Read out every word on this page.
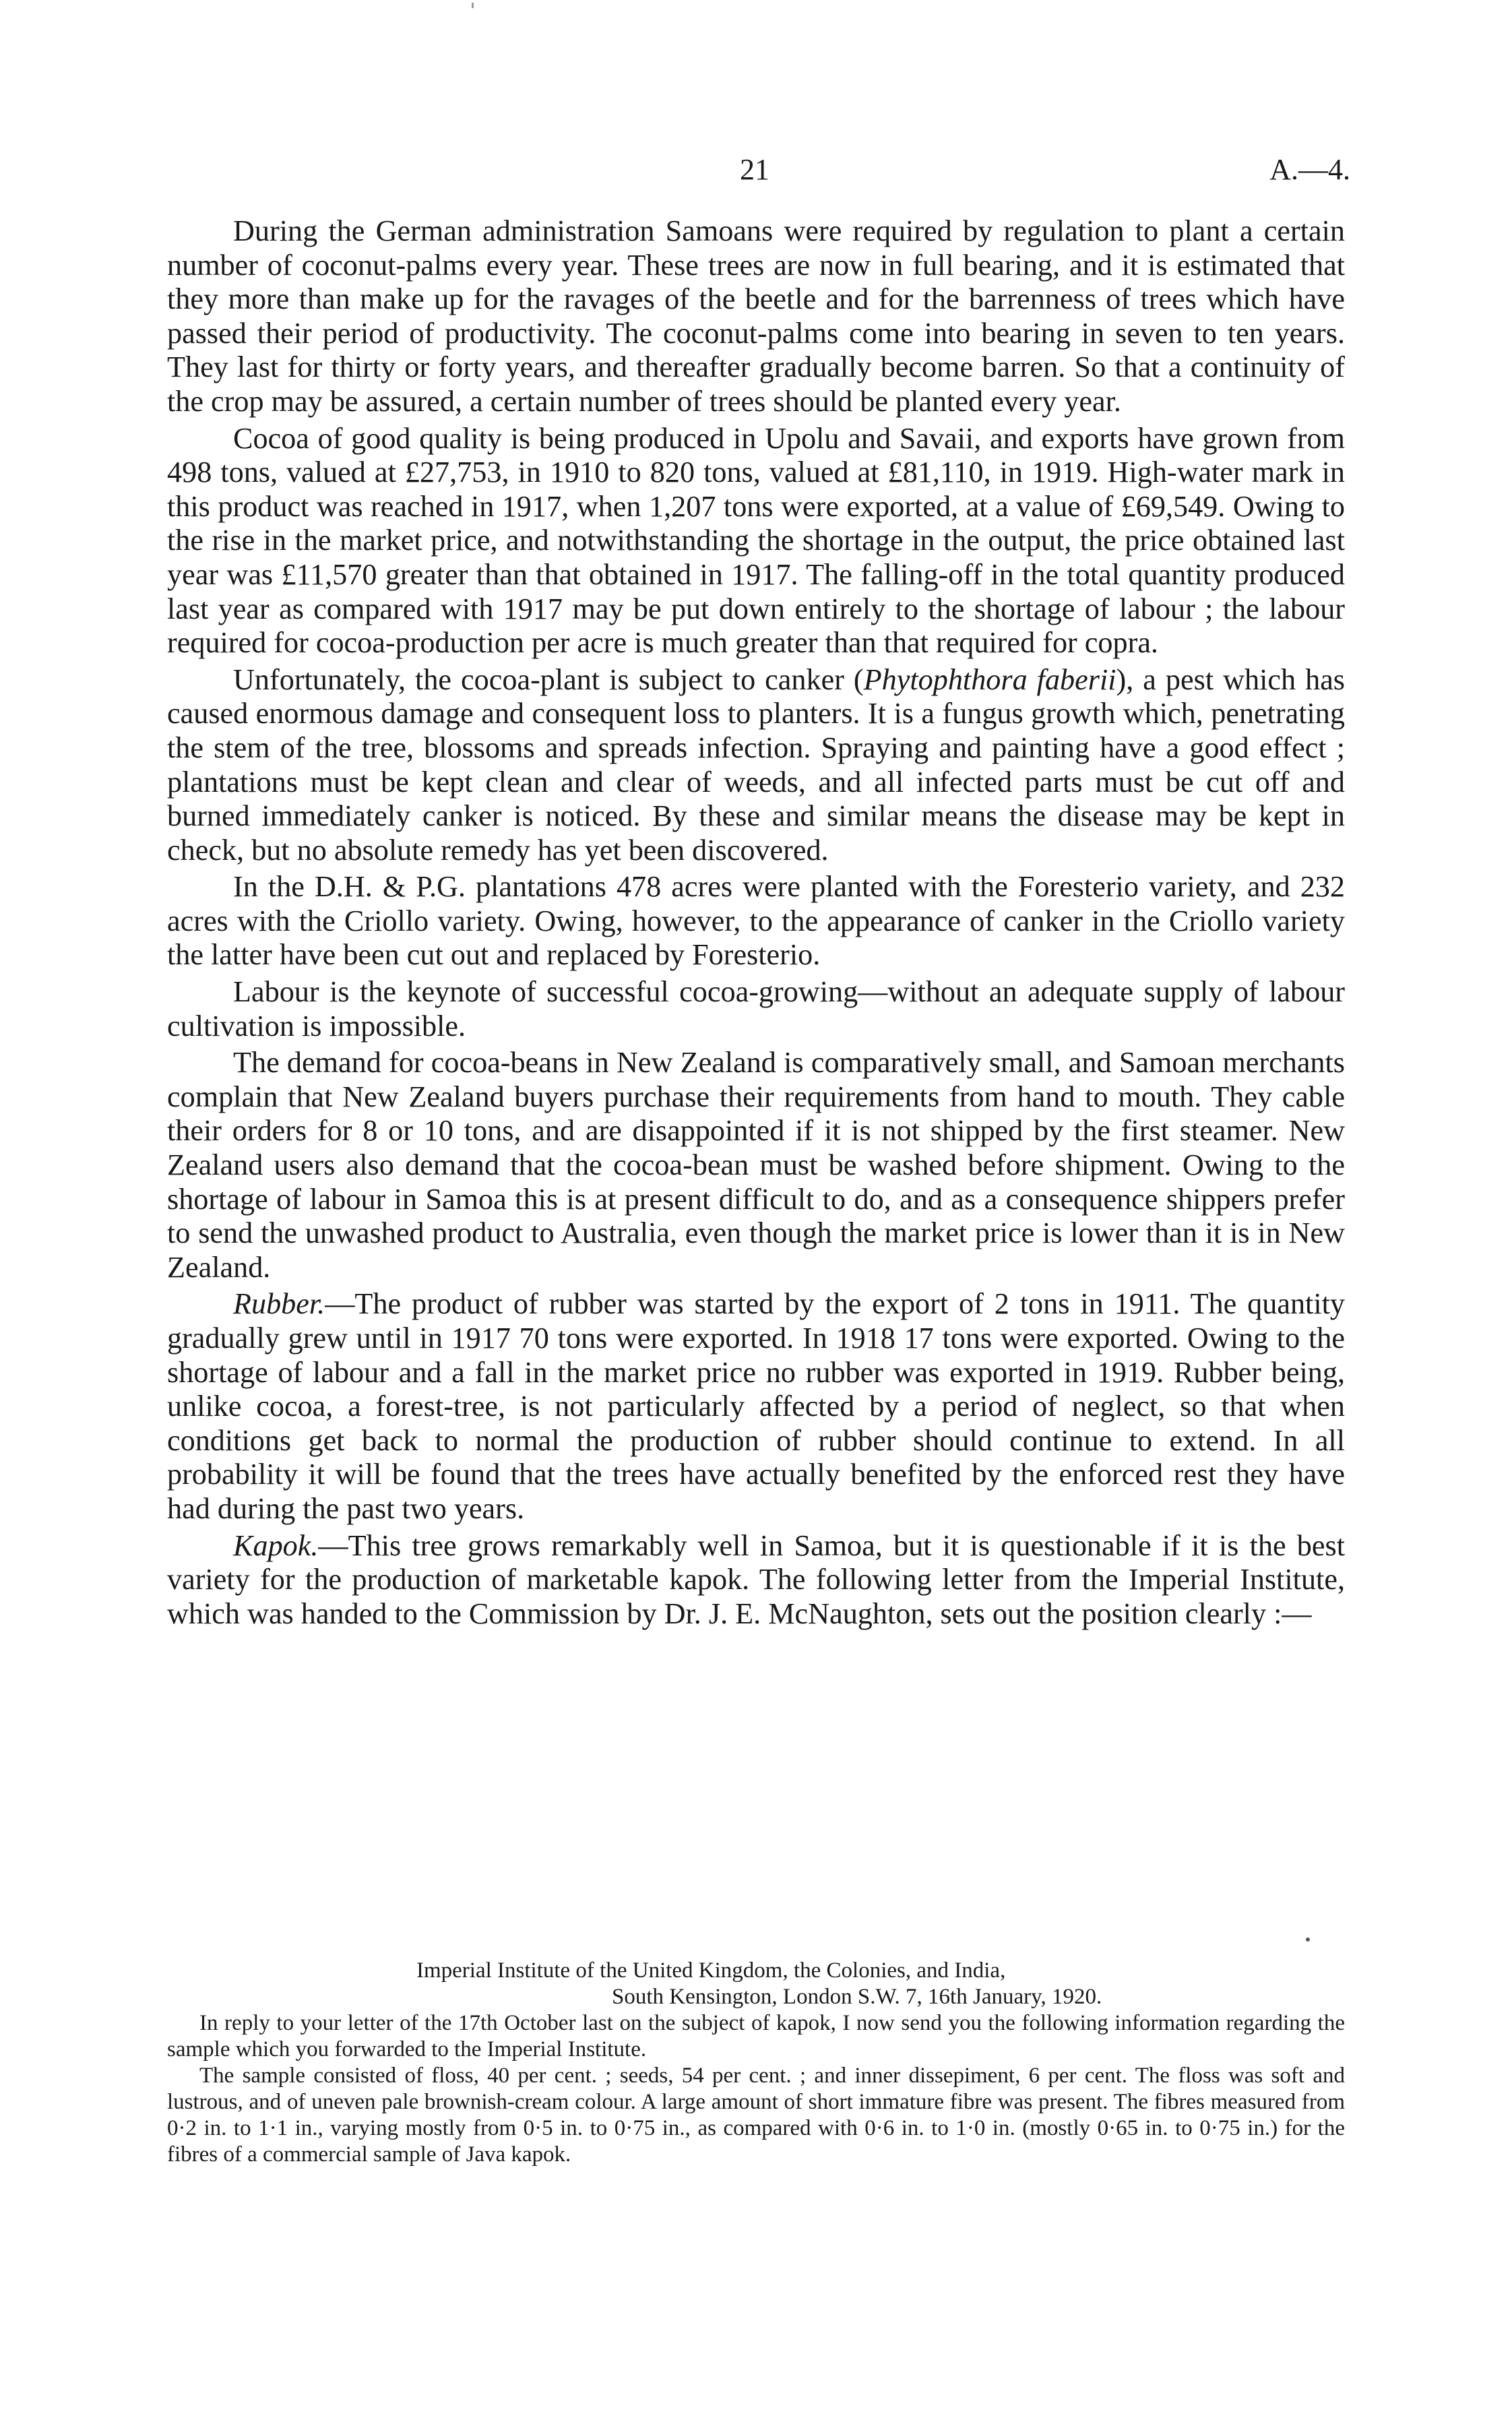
21	A.—4.

During the German administration Samoans were required by regulation to plant a certain number of coconut-palms every year. These trees are now in full bearing, and it is estimated that they more than make up for the ravages of the beetle and for the barrenness of trees which have passed their period of productivity. The coconut-palms come into bearing in seven to ten years. They last for thirty or forty years, and thereafter gradually become barren. So that a continuity of the crop may be assured, a certain number of trees should be planted every year.

Cocoa of good quality is being produced in Upolu and Savaii, and exports have grown from 498 tons, valued at £27,753, in 1910 to 820 tons, valued at £81,110, in 1919. High-water mark in this product was reached in 1917, when 1,207 tons were exported, at a value of £69,549. Owing to the rise in the market price, and notwithstanding the shortage in the output, the price obtained last year was £11,570 greater than that obtained in 1917. The falling-off in the total quantity produced last year as compared with 1917 may be put down entirely to the shortage of labour ; the labour required for cocoa-production per acre is much greater than that required for copra.

Unfortunately, the cocoa-plant is subject to canker (Phytophthora faberii), a pest which has caused enormous damage and consequent loss to planters. It is a fungus growth which, penetrating the stem of the tree, blossoms and spreads infection. Spraying and painting have a good effect ; plantations must be kept clean and clear of weeds, and all infected parts must be cut off and burned immediately canker is noticed. By these and similar means the disease may be kept in check, but no absolute remedy has yet been discovered.

In the D.H. & P.G. plantations 478 acres were planted with the Foresterio variety, and 232 acres with the Criollo variety. Owing, however, to the appearance of canker in the Criollo variety the latter have been cut out and replaced by Foresterio.

Labour is the keynote of successful cocoa-growing—without an adequate supply of labour cultivation is impossible.

The demand for cocoa-beans in New Zealand is comparatively small, and Samoan merchants complain that New Zealand buyers purchase their requirements from hand to mouth. They cable their orders for 8 or 10 tons, and are disappointed if it is not shipped by the first steamer. New Zealand users also demand that the cocoa-bean must be washed before shipment. Owing to the shortage of labour in Samoa this is at present difficult to do, and as a consequence shippers prefer to send the unwashed product to Australia, even though the market price is lower than it is in New Zealand.

Rubber.—The product of rubber was started by the export of 2 tons in 1911. The quantity gradually grew until in 1917 70 tons were exported. In 1918 17 tons were exported. Owing to the shortage of labour and a fall in the market price no rubber was exported in 1919. Rubber being, unlike cocoa, a forest-tree, is not particularly affected by a period of neglect, so that when conditions get back to normal the production of rubber should continue to extend. In all probability it will be found that the trees have actually benefited by the enforced rest they have had during the past two years.

Kapok.—This tree grows remarkably well in Samoa, but it is questionable if it is the best variety for the production of marketable kapok. The following letter from the Imperial Institute, which was handed to the Commission by Dr. J. E. McNaughton, sets out the position clearly :—

Imperial Institute of the United Kingdom, the Colonies, and India,

South Kensington, London S.W. 7, 16th January, 1920.

In reply to your letter of the 17th October last on the subject of kapok, I now send you the following information regarding the sample which you forwarded to the Imperial Institute.

The sample consisted of floss, 40 per cent. ; seeds, 54 per cent. ; and inner dissepiment, 6 per cent. The floss was soft and lustrous, and of uneven pale brownish-cream colour. A large amount of short immature fibre was present. The fibres measured from 0·2 in. to 1·1 in., varying mostly from 0·5 in. to 0·75 in., as compared with 0·6 in. to 1·0 in. (mostly 0·65 in. to 0·75 in.) for the fibres of a commercial sample of Java kapok.
